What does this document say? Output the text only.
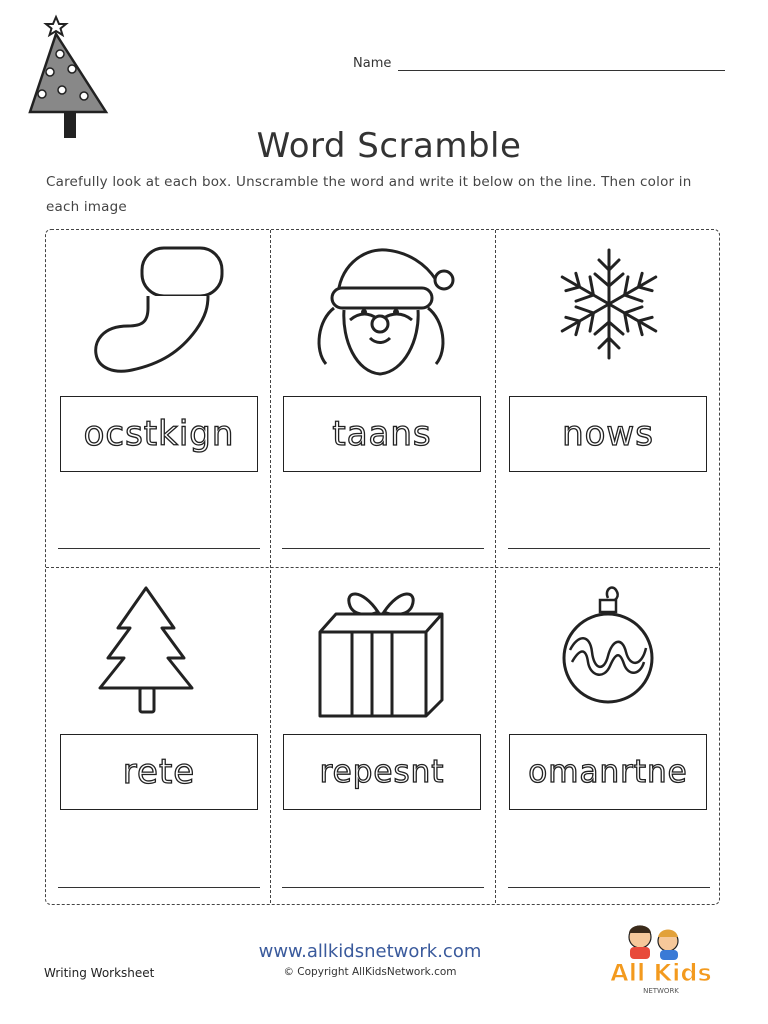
Name
Word Scramble
Carefully look at each box. Unscramble the word and write it below on the line. Then color in each image
ocstkign	taans	nows
rete	repesnt	omanrtne
www.allkidsnetwork.com
© Copyright AllKidsNetwork.com
Writing Worksheet	All Kids
NETWORK
